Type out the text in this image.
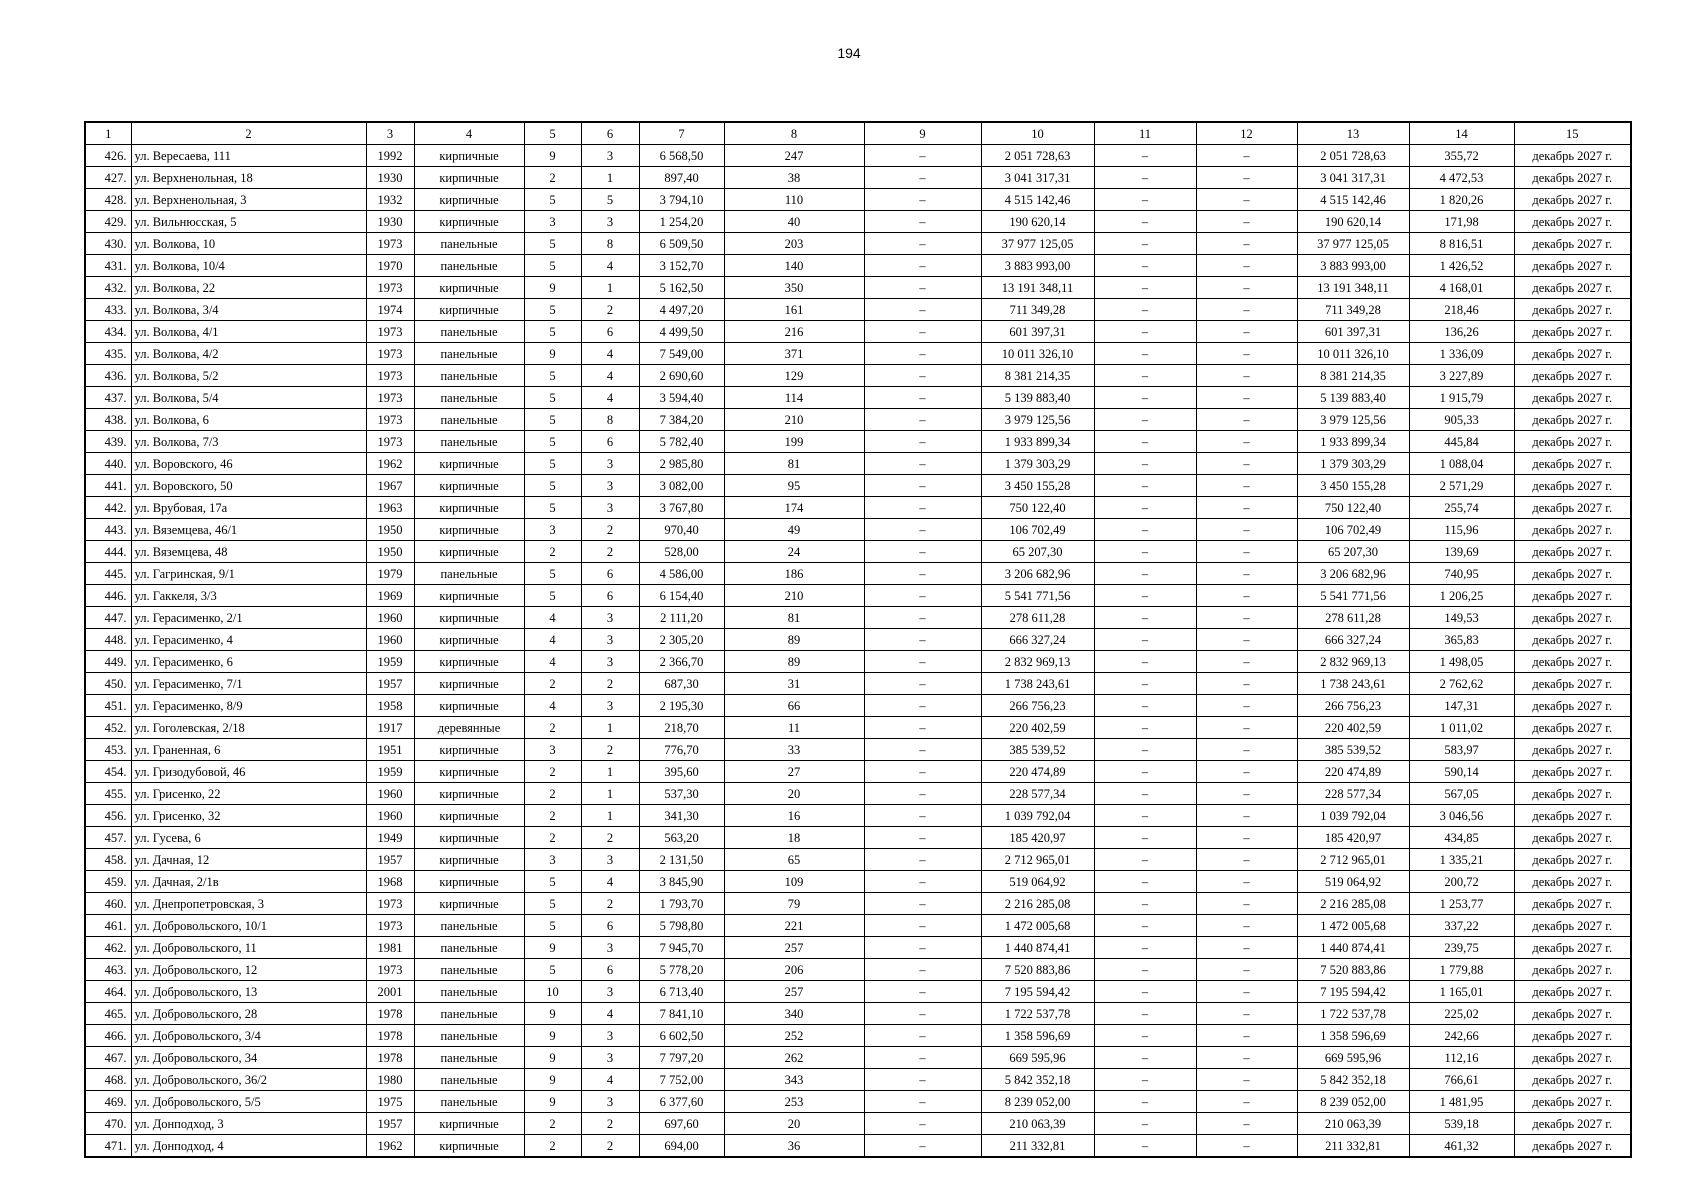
194
1	2	3	4	5	6	7	8	9	10	11	12	13	14	15
426.	ул. Вересаева, 111	1992	кирпичные	9	3	6 568,50	247	–	2 051 728,63	–	–	2 051 728,63	355,72	декабрь 2027 г.
427.	ул. Верхненольная, 18	1930	кирпичные	2	1	897,40	38	–	3 041 317,31	–	–	3 041 317,31	4 472,53	декабрь 2027 г.
428.	ул. Верхненольная, 3	1932	кирпичные	5	5	3 794,10	110	–	4 515 142,46	–	–	4 515 142,46	1 820,26	декабрь 2027 г.
429.	ул. Вильнюсская, 5	1930	кирпичные	3	3	1 254,20	40	–	190 620,14	–	–	190 620,14	171,98	декабрь 2027 г.
430.	ул. Волкова, 10	1973	панельные	5	8	6 509,50	203	–	37 977 125,05	–	–	37 977 125,05	8 816,51	декабрь 2027 г.
431.	ул. Волкова, 10/4	1970	панельные	5	4	3 152,70	140	–	3 883 993,00	–	–	3 883 993,00	1 426,52	декабрь 2027 г.
432.	ул. Волкова, 22	1973	кирпичные	9	1	5 162,50	350	–	13 191 348,11	–	–	13 191 348,11	4 168,01	декабрь 2027 г.
433.	ул. Волкова, 3/4	1974	кирпичные	5	2	4 497,20	161	–	711 349,28	–	–	711 349,28	218,46	декабрь 2027 г.
434.	ул. Волкова, 4/1	1973	панельные	5	6	4 499,50	216	–	601 397,31	–	–	601 397,31	136,26	декабрь 2027 г.
435.	ул. Волкова, 4/2	1973	панельные	9	4	7 549,00	371	–	10 011 326,10	–	–	10 011 326,10	1 336,09	декабрь 2027 г.
436.	ул. Волкова, 5/2	1973	панельные	5	4	2 690,60	129	–	8 381 214,35	–	–	8 381 214,35	3 227,89	декабрь 2027 г.
437.	ул. Волкова, 5/4	1973	панельные	5	4	3 594,40	114	–	5 139 883,40	–	–	5 139 883,40	1 915,79	декабрь 2027 г.
438.	ул. Волкова, 6	1973	панельные	5	8	7 384,20	210	–	3 979 125,56	–	–	3 979 125,56	905,33	декабрь 2027 г.
439.	ул. Волкова, 7/3	1973	панельные	5	6	5 782,40	199	–	1 933 899,34	–	–	1 933 899,34	445,84	декабрь 2027 г.
440.	ул. Воровского, 46	1962	кирпичные	5	3	2 985,80	81	–	1 379 303,29	–	–	1 379 303,29	1 088,04	декабрь 2027 г.
441.	ул. Воровского, 50	1967	кирпичные	5	3	3 082,00	95	–	3 450 155,28	–	–	3 450 155,28	2 571,29	декабрь 2027 г.
442.	ул. Врубовая, 17а	1963	кирпичные	5	3	3 767,80	174	–	750 122,40	–	–	750 122,40	255,74	декабрь 2027 г.
443.	ул. Вяземцева, 46/1	1950	кирпичные	3	2	970,40	49	–	106 702,49	–	–	106 702,49	115,96	декабрь 2027 г.
444.	ул. Вяземцева, 48	1950	кирпичные	2	2	528,00	24	–	65 207,30	–	–	65 207,30	139,69	декабрь 2027 г.
445.	ул. Гагринская, 9/1	1979	панельные	5	6	4 586,00	186	–	3 206 682,96	–	–	3 206 682,96	740,95	декабрь 2027 г.
446.	ул. Гаккеля, 3/3	1969	кирпичные	5	6	6 154,40	210	–	5 541 771,56	–	–	5 541 771,56	1 206,25	декабрь 2027 г.
447.	ул. Герасименко, 2/1	1960	кирпичные	4	3	2 111,20	81	–	278 611,28	–	–	278 611,28	149,53	декабрь 2027 г.
448.	ул. Герасименко, 4	1960	кирпичные	4	3	2 305,20	89	–	666 327,24	–	–	666 327,24	365,83	декабрь 2027 г.
449.	ул. Герасименко, 6	1959	кирпичные	4	3	2 366,70	89	–	2 832 969,13	–	–	2 832 969,13	1 498,05	декабрь 2027 г.
450.	ул. Герасименко, 7/1	1957	кирпичные	2	2	687,30	31	–	1 738 243,61	–	–	1 738 243,61	2 762,62	декабрь 2027 г.
451.	ул. Герасименко, 8/9	1958	кирпичные	4	3	2 195,30	66	–	266 756,23	–	–	266 756,23	147,31	декабрь 2027 г.
452.	ул. Гоголевская, 2/18	1917	деревянные	2	1	218,70	11	–	220 402,59	–	–	220 402,59	1 011,02	декабрь 2027 г.
453.	ул. Граненная, 6	1951	кирпичные	3	2	776,70	33	–	385 539,52	–	–	385 539,52	583,97	декабрь 2027 г.
454.	ул. Гризодубовой, 46	1959	кирпичные	2	1	395,60	27	–	220 474,89	–	–	220 474,89	590,14	декабрь 2027 г.
455.	ул. Грисенко, 22	1960	кирпичные	2	1	537,30	20	–	228 577,34	–	–	228 577,34	567,05	декабрь 2027 г.
456.	ул. Грисенко, 32	1960	кирпичные	2	1	341,30	16	–	1 039 792,04	–	–	1 039 792,04	3 046,56	декабрь 2027 г.
457.	ул. Гусева, 6	1949	кирпичные	2	2	563,20	18	–	185 420,97	–	–	185 420,97	434,85	декабрь 2027 г.
458.	ул. Дачная, 12	1957	кирпичные	3	3	2 131,50	65	–	2 712 965,01	–	–	2 712 965,01	1 335,21	декабрь 2027 г.
459.	ул. Дачная, 2/1в	1968	кирпичные	5	4	3 845,90	109	–	519 064,92	–	–	519 064,92	200,72	декабрь 2027 г.
460.	ул. Днепропетровская, 3	1973	кирпичные	5	2	1 793,70	79	–	2 216 285,08	–	–	2 216 285,08	1 253,77	декабрь 2027 г.
461.	ул. Добровольского, 10/1	1973	панельные	5	6	5 798,80	221	–	1 472 005,68	–	–	1 472 005,68	337,22	декабрь 2027 г.
462.	ул. Добровольского, 11	1981	панельные	9	3	7 945,70	257	–	1 440 874,41	–	–	1 440 874,41	239,75	декабрь 2027 г.
463.	ул. Добровольского, 12	1973	панельные	5	6	5 778,20	206	–	7 520 883,86	–	–	7 520 883,86	1 779,88	декабрь 2027 г.
464.	ул. Добровольского, 13	2001	панельные	10	3	6 713,40	257	–	7 195 594,42	–	–	7 195 594,42	1 165,01	декабрь 2027 г.
465.	ул. Добровольского, 28	1978	панельные	9	4	7 841,10	340	–	1 722 537,78	–	–	1 722 537,78	225,02	декабрь 2027 г.
466.	ул. Добровольского, 3/4	1978	панельные	9	3	6 602,50	252	–	1 358 596,69	–	–	1 358 596,69	242,66	декабрь 2027 г.
467.	ул. Добровольского, 34	1978	панельные	9	3	7 797,20	262	–	669 595,96	–	–	669 595,96	112,16	декабрь 2027 г.
468.	ул. Добровольского, 36/2	1980	панельные	9	4	7 752,00	343	–	5 842 352,18	–	–	5 842 352,18	766,61	декабрь 2027 г.
469.	ул. Добровольского, 5/5	1975	панельные	9	3	6 377,60	253	–	8 239 052,00	–	–	8 239 052,00	1 481,95	декабрь 2027 г.
470.	ул. Донподход, 3	1957	кирпичные	2	2	697,60	20	–	210 063,39	–	–	210 063,39	539,18	декабрь 2027 г.
471.	ул. Донподход, 4	1962	кирпичные	2	2	694,00	36	–	211 332,81	–	–	211 332,81	461,32	декабрь 2027 г.
